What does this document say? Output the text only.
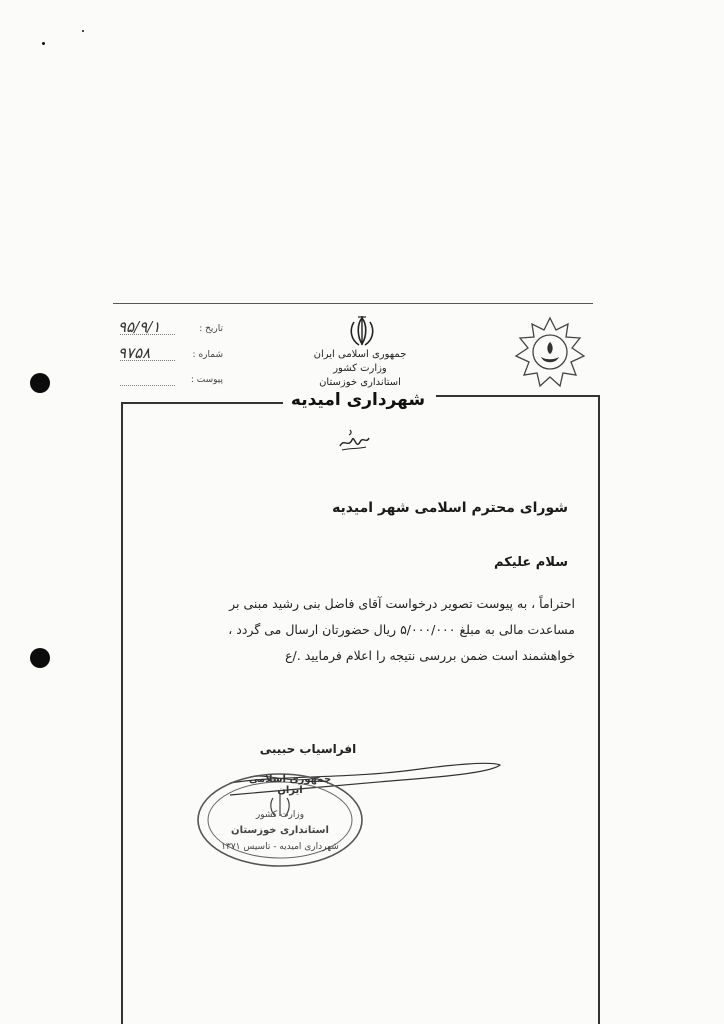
۹۵/۹/۱	تاریخ :
۹۷۵۸	شماره :
پیوست :
جمهوری اسلامی ایران
وزارت کشور
استانداری خوزستان
شهرداری امیدیه
شورای محترم اسلامی شهر امیدیه
سلام علیکم
احتراماً ، به پیوست تصویر درخواست آقای فاضل بنی رشید مبنی بر
مساعدت مالی به مبلغ ۵/۰۰۰/۰۰۰ ریال حضورتان ارسال می گردد ،
خواهشمند است ضمن بررسی نتیجه را اعلام فرمایید ./ع
افراسیاب حبیبی
جمهوری اسلامی ایران
وزارت کشور
استانداری خوزستان
شهرداری امیدیه - تاسیس ۱۳۷۱
